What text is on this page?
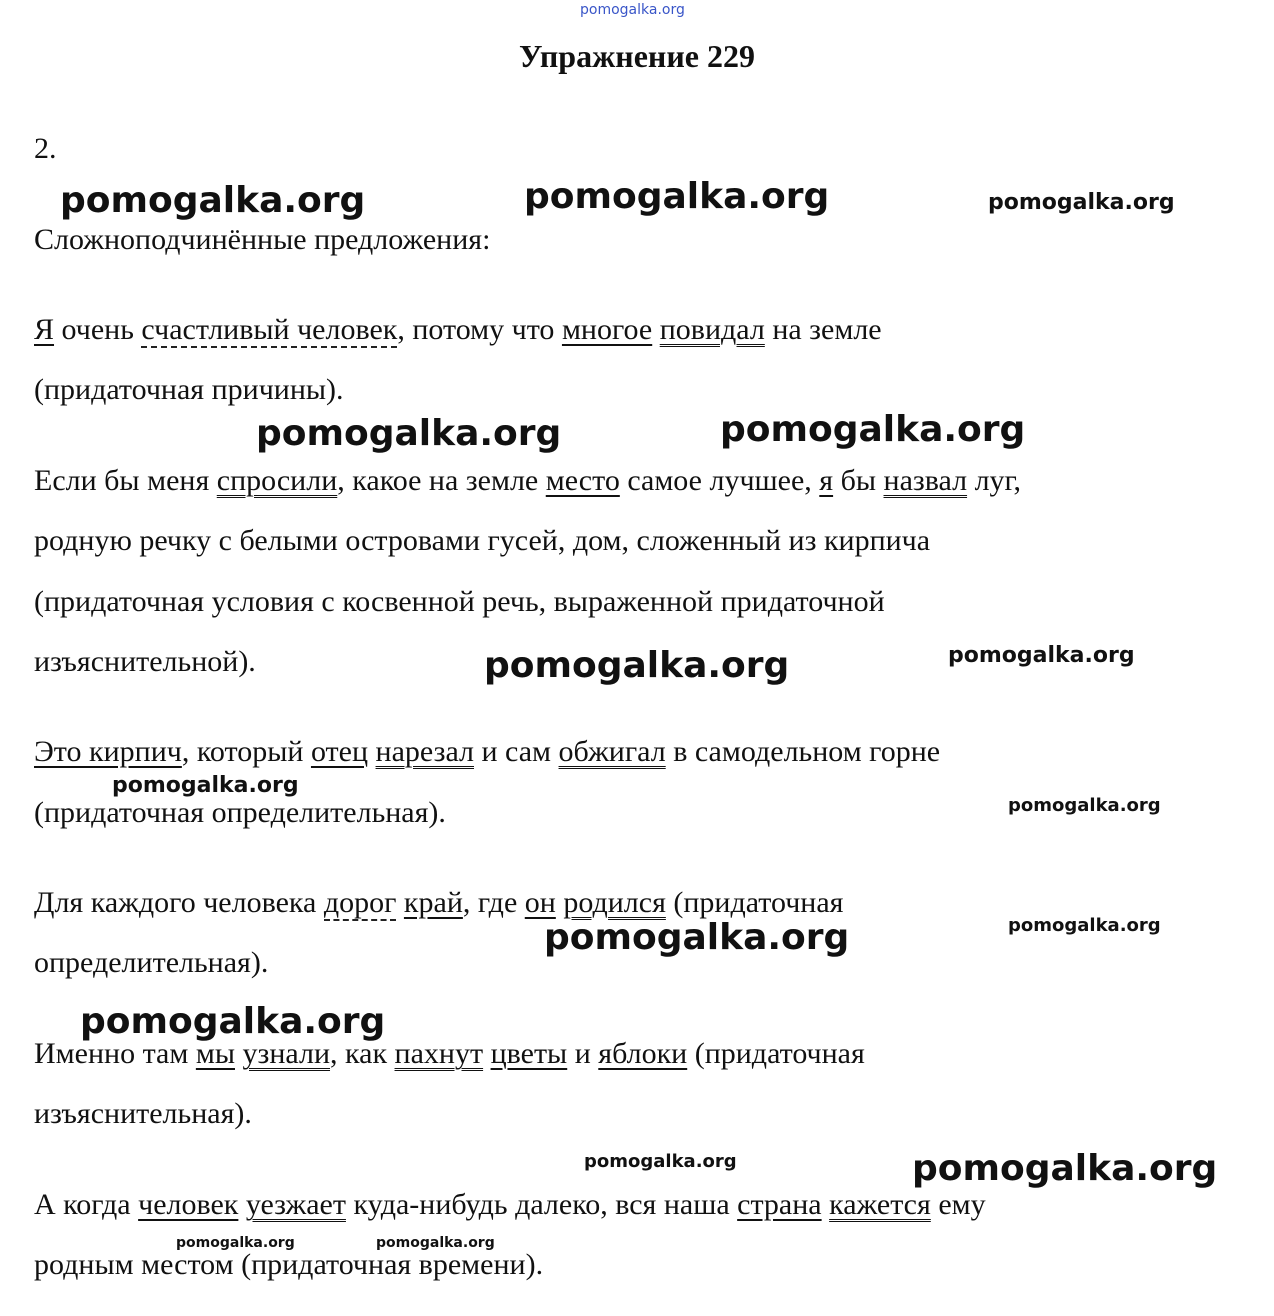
pomogalka.org
Упражнение 229
2.
pomogalka.org	pomogalka.org	pomogalka.org
Сложноподчинённые предложения:
Я очень счастливый человек, потому что многое повидал на земле
(придаточная причины).
pomogalka.org	pomogalka.org
Если бы меня спросили, какое на земле место самое лучшее, я бы назвал луг,
родную речку с белыми островами гусей, дом, сложенный из кирпича
(придаточная условия с косвенной речь, выраженной придаточной
изъяснительной).	pomogalka.org	pomogalka.org
Это кирпич, который отец нарезал и сам обжигал в самодельном горне
pomogalka.org
(придаточная определительная).	pomogalka.org
Для каждого человека дорог край, где он родился (придаточная
pomogalka.org
pomogalka.org
определительная).
pomogalka.org
Именно там мы узнали, как пахнут цветы и яблоки (придаточная
изъяснительная).
pomogalka.org	pomogalka.org
А когда человек уезжает куда-нибудь далеко, вся наша страна кажется ему
pomogalka.org	pomogalka.org
родным местом (придаточная времени).
